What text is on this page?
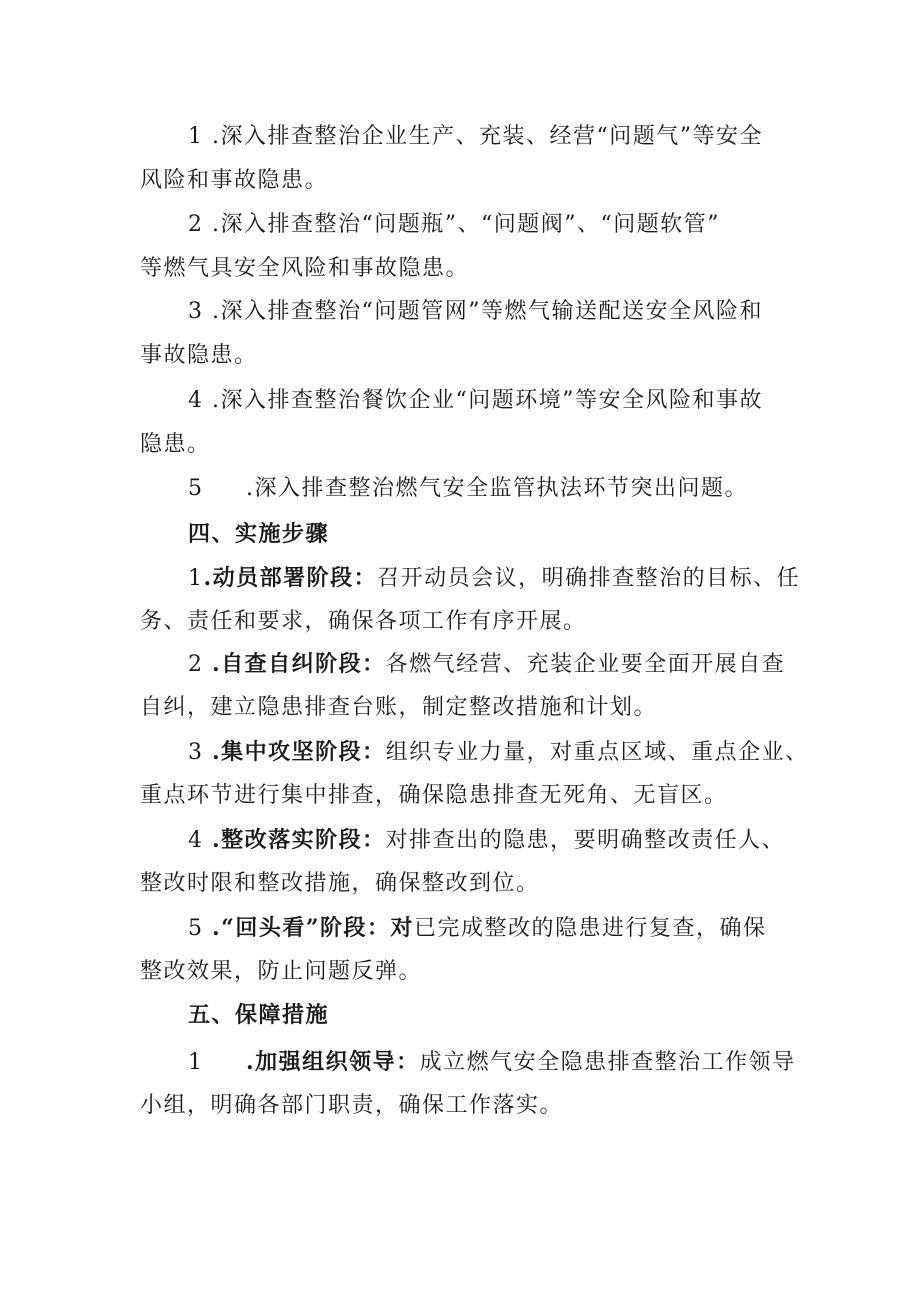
1 .深入排查整治企业生产、充装、经营“问题气”等安全
风险和事故隐患。
2 .深入排查整治“问题瓶”、“问题阀”、“问题软管”
等燃气具安全风险和事故隐患。
3 .深入排查整治“问题管网”等燃气输送配送安全风险和
事故隐患。
4 .深入排查整治餐饮企业“问题环境”等安全风险和事故
隐患。
5 .深入排查整治燃气安全监管执法环节突出问题。
四、实施步骤
1.动员部署阶段：召开动员会议，明确排查整治的目标、任
务、责任和要求，确保各项工作有序开展。
2 .自查自纠阶段：各燃气经营、充装企业要全面开展自查
自纠，建立隐患排查台账，制定整改措施和计划。
3 .集中攻坚阶段：组织专业力量，对重点区域、重点企业、
重点环节进行集中排查，确保隐患排查无死角、无盲区。
4 .整改落实阶段：对排查出的隐患，要明确整改责任人、
整改时限和整改措施，确保整改到位。
5 .“回头看”阶段：对已完成整改的隐患进行复查，确保
整改效果，防止问题反弹。
五、保障措施
1 .加强组织领导：成立燃气安全隐患排查整治工作领导
小组，明确各部门职责，确保工作落实。
